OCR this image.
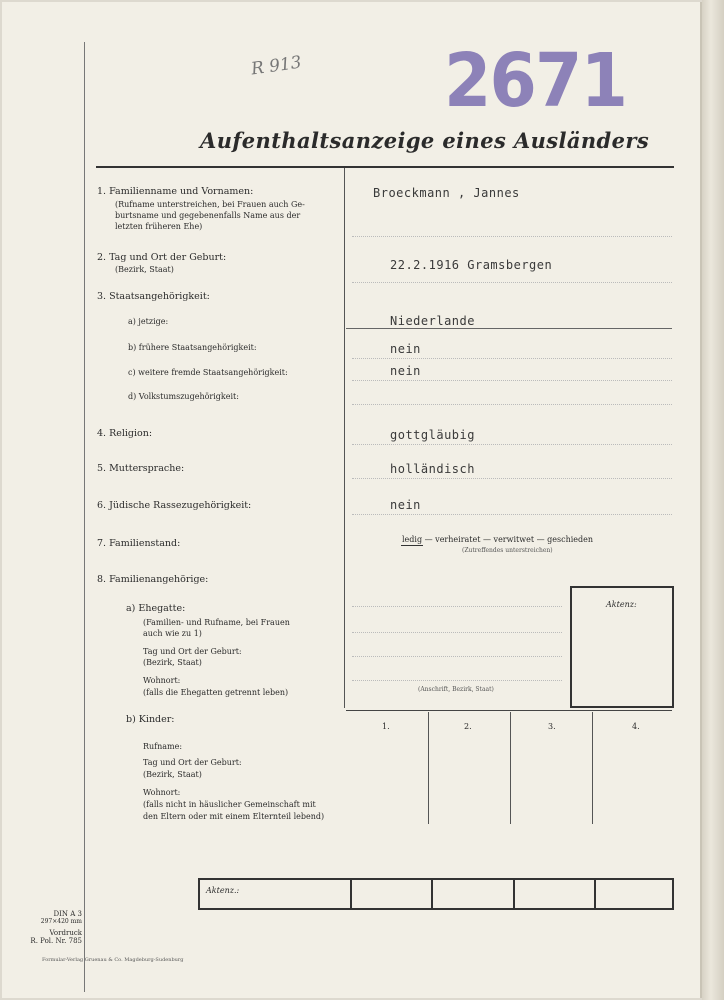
R 913 2671
Aufenthaltsanzeige eines Ausländers
1. Familienname und Vornamen:
(Rufname unterstreichen, bei Frauen auch Ge-
burtsname und gegebenenfalls Name aus der
letzten früheren Ehe)
Broeckmann , Jannes
2. Tag und Ort der Geburt:
(Bezirk, Staat)	22.2.1916 Gramsbergen
3. Staatsangehörigkeit:
a) jetzige:	Niederlande
b) frühere Staatsangehörigkeit:	nein
c) weitere fremde Staatsangehörigkeit:	nein
d) Volkstumszugehörigkeit:
4. Religion:	gottgläubig
5. Muttersprache:	holländisch
6. Jüdische Rassezugehörigkeit:	nein
7. Familienstand:	ledig — verheiratet — verwitwet — geschieden
(Zutreffendes unterstreichen)
8. Familienangehörige:
a) Ehegatte:
(Familien- und Rufname, bei Frauen
auch wie zu 1)
Tag und Ort der Geburt:
(Bezirk, Staat)
Wohnort:
(falls die Ehegatten getrennt leben)	(Anschrift, Bezirk, Staat)
Aktenz:
b) Kinder:
1.	2.	3.	4.
Rufname:
Tag und Ort der Geburt:
(Bezirk, Staat)
Wohnort:
(falls nicht in häuslicher Gemeinschaft mit
den Eltern oder mit einem Elternteil lebend)
Aktenz.:
DIN A 3
297×420 mm
Vordruck
R. Pol. Nr. 785
Formular-Verlag Gruenau & Co. Magdeburg-Sudenburg
